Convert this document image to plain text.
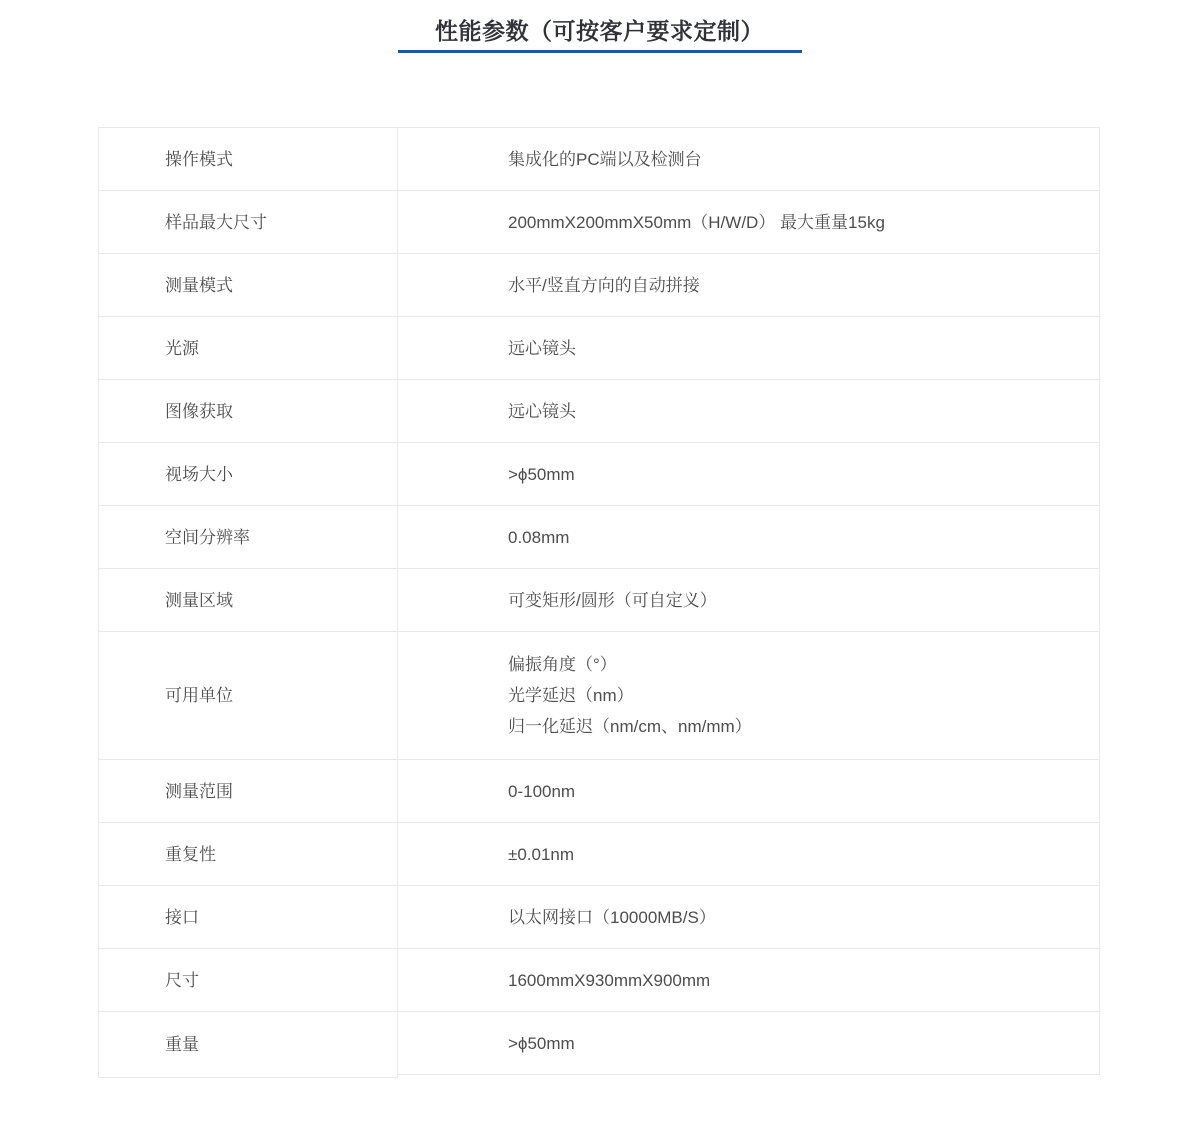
性能参数（可按客户要求定制）
操作模式
样品最大尺寸
测量模式
光源
图像获取
视场大小
空间分辨率
测量区域
可用单位
测量范围
重复性
接口
尺寸
重量
集成化的PC端以及检测台
200mmX200mmX50mm（H/W/D） 最大重量15kg
水平/竖直方向的自动拼接
远心镜头
远心镜头
>ϕ50mm
0.08mm
可变矩形/圆形（可自定义）
偏振角度（°）
光学延迟（nm）
归一化延迟（nm/cm、nm/mm）
0-100nm
±0.01nm
以太网接口（10000MB/S）
1600mmX930mmX900mm
>ϕ50mm
